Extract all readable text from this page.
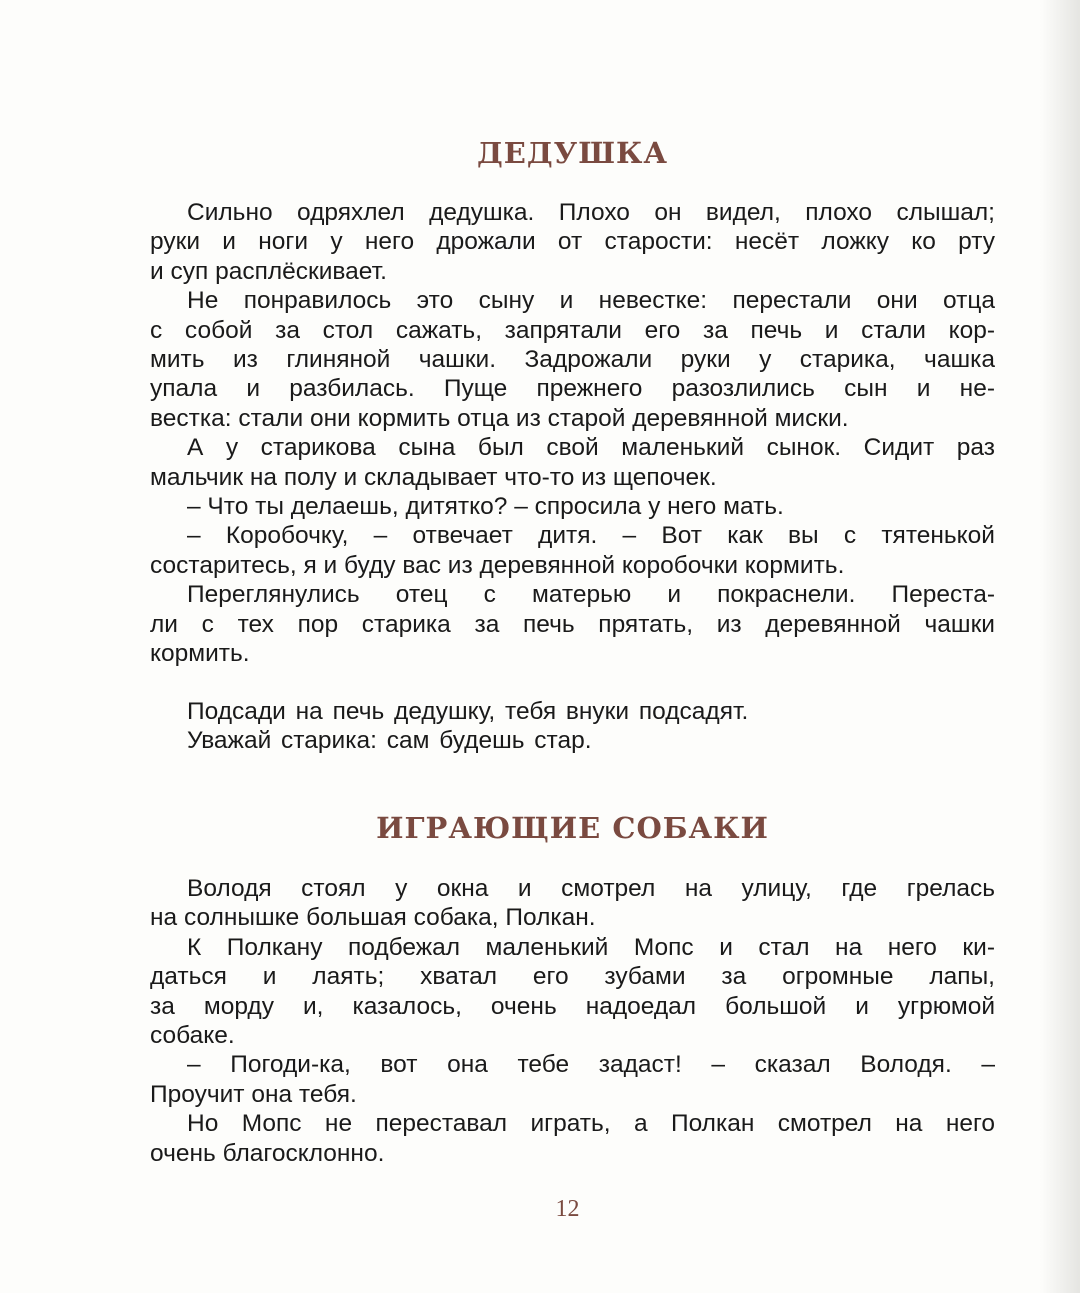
ДЕДУШКА
Сильно одряхлел дедушка. Плохо он видел, плохо слышал;
руки и ноги у него дрожали от старости: несёт ложку ко рту
и суп расплёскивает.
Не понравилось это сыну и невестке: перестали они отца
с собой за стол сажать, запрятали его за печь и стали кор-
мить из глиняной чашки. Задрожали руки у старика, чашка
упала и разбилась. Пуще прежнего разозлились сын и не-
вестка: стали они кормить отца из старой деревянной миски.
А у старикова сына был свой маленький сынок. Сидит раз
мальчик на полу и складывает что-то из щепочек.
– Что ты делаешь, дитятко? – спросила у него мать.
– Коробочку, – отвечает дитя. – Вот как вы с тятенькой
состаритесь, я и буду вас из деревянной коробочки кормить.
Переглянулись отец с матерью и покраснели. Переста-
ли с тех пор старика за печь прятать, из деревянной чашки
кормить.
Подсади на печь дедушку, тебя внуки подсадят.
Уважай старика: сам будешь стар.
ИГРАЮЩИЕ СОБАКИ
Володя стоял у окна и смотрел на улицу, где грелась
на солнышке большая собака, Полкан.
К Полкану подбежал маленький Мопс и стал на него ки-
даться и лаять; хватал его зубами за огромные лапы,
за морду и, казалось, очень надоедал большой и угрюмой
собаке.
– Погоди-ка, вот она тебе задаст! – сказал Володя. –
Проучит она тебя.
Но Мопс не переставал играть, а Полкан смотрел на него
очень благосклонно.
12
